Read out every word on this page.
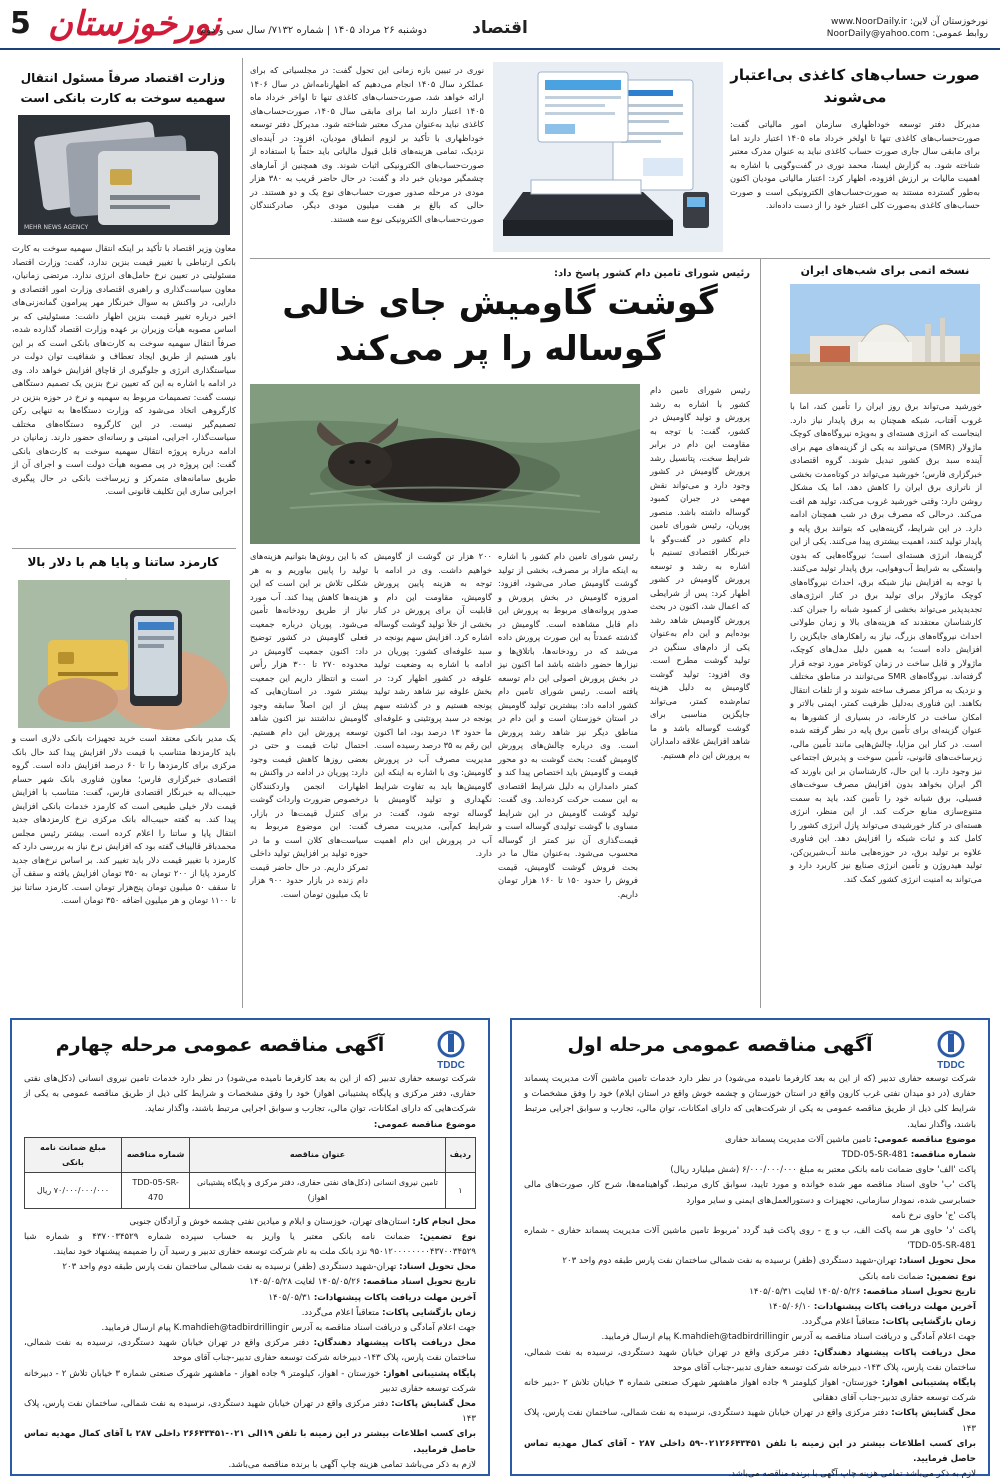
5 نورخوزستان
دوشنبه ۲۶ مرداد ۱۴۰۵ | شماره ۷۱۳۲/ سال سی و دوم	اقتصاد	نورخوزستان آن لاین: www.NoorDaily.ir
روابط عمومی: NoorDaily@yahoo.com
صورت حساب‌های کاغذی بی‌اعتبار می‌شوند
مدیرکل دفتر توسعه خوداظهاری سازمان امور مالیاتی گفت: صورت‌حساب‌های کاغذی تنها تا اولخر خرداد ماه ۱۴۰۵ اعتبار دارند اما برای مابقی سال جاری صورت حساب کاغذی نباید به عنوان مدرک معتبر شناخته شود. به گزارش ایسنا، محمد نوری در گفت‌وگویی با اشاره به اهمیت مالیات بر ارزش افزوده، اظهار کرد: اعتبار مالیاتی مودیان اکنون به‌طور گسترده مستند به صورت‌حساب‌های الکترونیکی است و صورت حساب‌های کاغذی به‌صورت کلی اعتبار خود را از دست داده‌اند.
نوری در تبیین بازه زمانی این تحول گفت: در مجلسیاتی که برای عملکرد سال ۱۴۰۵ انجام می‌دهیم که اظهارنامه‌اش در سال ۱۴۰۶ ارائه خواهد شد، صورت‌حساب‌های کاغذی تنها تا اواخر خرداد ماه ۱۴۰۵ اعتبار دارند اما برای مابقی سال ۱۴۰۵، صورت‌حساب‌های کاغذی نباید به‌عنوان مدرک معتبر شناخته شود. مدیرکل دفتر توسعه خوداظهاری با تأکید بر لزوم انطباق مودیان، افزود: در آینده‌ای نزدیک، تمامی هزینه‌های قابل قبول مالیاتی باید حتماً با استفاده از صورت‌حساب‌های الکترونیکی اثبات شوند. وی همچنین از آمارهای چشمگیر مودیان خبر داد و گفت: در حال حاضر قریب به ۳۸۰ هزار مودی در مرحله صدور صورت حساب‌های نوع یک و دو هستند. در حالی که بالغ بر هفت میلیون مودی دیگر، صادرکنندگان صورت‌حساب‌های الکترونیکی نوع سه هستند.
وزارت اقتصاد صرفاً مسئول انتقال سهمیه سوخت به کارت بانکی است
MEHR NEWS AGENCY
معاون وزیر اقتصاد با تأکید بر اینکه انتقال سهمیه سوخت به کارت بانکی ارتباطی با تغییر قیمت بنزین ندارد، گفت: وزارت اقتصاد مسئولیتی در تعیین نرخ حامل‌های انرژی ندارد. مرتضی زمانیان، معاون سیاست‌گذاری و راهبری اقتصادی وزارت امور اقتصادی و دارایی، در واکنش به سوال خبرنگار مهر پیرامون گمانه‌زنی‌های اخیر درباره تغییر قیمت بنزین اظهار داشت: مسئولیتی که بر اساس مصوبه هیأت وزیران بر عهده وزارت اقتصاد گذارده شده، صرفاً انتقال سهمیه سوخت به کارت‌های بانکی است که بر این باور هستیم از طریق ایجاد تعطاف و شفافیت توان دولت در سیاستگذاری انرژی و جلوگیری از قاچاق افزایش خواهد داد. وی در ادامه با اشاره به این که تعیین نرخ بنزین یک تصمیم دستگاهی نیست گفت: تصمیمات مربوط به سهمیه و نرخ در حوزه بنزین در کارگروهی اتخاذ می‌شود که وزارت دستگاه‌ها به تنهایی رکن تصمیم‌گیر نیست. در این کارگروه دستگاه‌های مختلف سیاست‌گذار، اجرایی، امنیتی و رسانه‌ای حضور دارند. زمانیان در ادامه درباره پروژه انتقال سهمیه سوخت به کارت‌های بانکی گفت: این پروژه در پی مصوبه هیأت دولت است و اجرای آن از طریق سامانه‌های متمرکز و زیرساخت بانکی در حال پیگیری اجرایی سازی این تکلیف قانونی است.
کارمزد ساتنا و پایا هم با دلار بالا
یک مدیر بانکی معتقد است خرید تجهیزات بانکی دلاری است و باید کارمزدها متناسب با قیمت دلار افزایش پیدا کند حال بانک مرکزی برای کارمزدها را تا ۶۰ درصد افزایش داده است. گروه اقتصادی خبرگزاری فارس؛ معاون فناوری بانک شهر حسام حبیب‌اله به خبرنگار اقتصادی فارس، گفت: متناسب با افزایش قیمت دلار خیلی طبیعی است که کارمزد خدمات بانکی افزایش پیدا کند. به گفته حبیب‌اله بانک مرکزی نرخ کارمزدهای جدید انتقال پایا و ساتنا را اعلام کرده است. بیشتر رئیس مجلس محمدباقر قالیباف گفته بود که افزایش نرخ نیاز به بررسی دارد که کارمزد با تغییر قیمت دلار باید تغییر کند. بر اساس نرخ‌های جدید کارمزد پایا از ۲۰۰ تومان به ۳۵۰ تومان افزایش یافته و سقف آن تا سقف ۵۰ میلیون تومان پنج‌هزار تومان است. کارمزد ساتنا نیز تا ۱۱۰۰ تومان و هر میلیون اضافه ۳۵۰ تومان است.
نسخه اتمی برای شب‌های ایران
خورشید می‌تواند برق روز ایران را تأمین کند، اما با غروب آفتاب، شبکه همچنان به برق پایدار نیاز دارد. اینجاست که انرژی هسته‌ای و به‌ویژه نیروگاه‌های کوچک ماژولار (SMR) می‌توانند به یکی از گزینه‌های مهم برای آینده سبد برق کشور تبدیل شوند. گروه اقتصادی خبرگزاری فارس؛ خورشید می‌تواند در کوتاه‌مدت بخشی از ناترازی برق ایران را کاهش دهد، اما یک مشکل روشن دارد: وقتی خورشید غروب می‌کند، تولید هم افت می‌کند. درحالی که مصرف برق در شب همچنان ادامه دارد. در این شرایط، گزینه‌هایی که بتوانند برق پایه و پایدار تولید کنند، اهمیت بیشتری پیدا می‌کنند. یکی از این گزینه‌ها، انرژی هسته‌ای است؛ نیروگاه‌هایی که بدون وابستگی به شرایط آب‌وهوایی، برق پایدار تولید می‌کنند. با توجه به افزایش نیاز شبکه برق، احداث نیروگاه‌های کوچک ماژولار برای تولید برق در کنار انرژی‌های تجدیدپذیر می‌تواند بخشی از کمبود شبانه را جبران کند. کارشناسان معتقدند که هزینه‌های بالا و زمان طولانی احداث نیروگاه‌های بزرگ، نیاز به راهکارهای جایگزین را افزایش داده است؛ به همین دلیل مدل‌های کوچک، ماژولار و قابل ساخت در زمان کوتاه‌تر مورد توجه قرار گرفته‌اند. نیروگاه‌های SMR می‌توانند در مناطق مختلف و نزدیک به مراکز مصرف ساخته شوند و از تلفات انتقال بکاهند. این فناوری به‌دلیل ظرفیت کمتر، ایمنی بالاتر و امکان ساخت در کارخانه، در بسیاری از کشورها به عنوان گزینه‌ای برای تأمین برق پایه در نظر گرفته شده است. در کنار این مزایا، چالش‌هایی مانند تأمین مالی، زیرساخت‌های قانونی، تأمین سوخت و پذیرش اجتماعی نیز وجود دارد. با این حال، کارشناسان بر این باورند که اگر ایران بخواهد بدون افزایش مصرف سوخت‌های فسیلی، برق شبانه خود را تأمین کند، باید به سمت متنوع‌سازی منابع حرکت کند. از این منظر، انرژی هسته‌ای در کنار خورشیدی می‌تواند پازل انرژی کشور را کامل کند و ثبات شبکه را افزایش دهد. این فناوری علاوه بر تولید برق، در حوزه‌هایی مانند آب‌شیرین‌کن، تولید هیدروژن و تأمین انرژی صنایع نیز کاربرد دارد و می‌تواند به امنیت انرژی کشور کمک کند.
رئیس شورای تامین دام کشور پاسخ داد:
گوشت گاومیش جای خالی گوساله را پر می‌کند
رئیس شورای تامین دام کشور با اشاره به رشد پرورش و تولید گاومیش در کشور، گفت: با توجه به مقاومت این دام در برابر شرایط سخت، پتانسیل رشد پرورش گاومیش در کشور وجود دارد و می‌تواند نقش مهمی در جبران کمبود گوساله داشته باشد. منصور پوریان، رئیس شورای تامین دام کشور در گفت‌وگو با خبرنگار اقتصادی تسنیم با اشاره به رشد و توسعه پرورش گاومیش در کشور اظهار کرد: پس از شرایطی که اعمال شد، اکنون در بحث پرورش گاومیش شاهد رشد بوده‌ایم و این دام به‌عنوان یکی از دام‌های سنگین در تولید گوشت مطرح است. وی افزود: تولید گوشت گاومیش به دلیل هزینه تمام‌شده کمتر، می‌تواند جایگزین مناسبی برای گوشت گوساله باشد و ما شاهد افزایش علاقه دامداران به پرورش این دام هستیم.
رئیس شورای تامین دام کشور با اشاره به اینکه مازاد بر مصرف، بخشی از تولید گوشت گاومیش صادر می‌شود، افزود: امروزه گاومیش در بخش پرورش و صدور پروانه‌های مربوط به پرورش این دام قابل مشاهده است. گاومیش در گذشته عمدتاً به این صورت پرورش داده می‌شد که در رودخانه‌ها، باتلاق‌ها و نیزارها حضور داشته باشد اما اکنون نیز در بخش پرورش اصولی این دام توسعه یافته است. رئیس شورای تامین دام کشور ادامه داد: بیشترین تولید گاومیش در استان خوزستان است و این دام در مناطق دیگر نیز شاهد رشد پرورش است. وی درباره چالش‌های پرورش گاومیش گفت: بحث گوشت به دو محور قیمت و گاومیش باید اختصاص پیدا کند و کمتر دامداران به دلیل شرایط اقتصادی به این سمت حرکت کرده‌اند. وی گفت: تولید گوشت گاومیش در این شرایط مساوی با گوشت تولیدی گوساله است و قیمت‌گذاری آن نیز کمتر از گوساله محسوب می‌شود. به‌عنوان مثال ما در بحث فروش گوشت گاومیش، قیمت فروش را حدود ۱۵۰ تا ۱۶۰ هزار تومان داریم.
۲۰۰ هزار تن گوشت از گاومیش خواهیم داشت. وی در ادامه با توجه به هزینه پایین پرورش گاومیش، مقاومت این دام و قابلیت آن برای پرورش در کنار بخشی از خلأ تولید گوشت گوساله اشاره کرد. افزایش سهم یونجه در سبد علوفه‌ای کشور: پوریان در ادامه با اشاره به وضعیت تولید علوفه در کشور اظهار کرد: در بخش علوفه نیز شاهد رشد تولید یونجه هستیم و در گذشته سهم یونجه در سبد پروتئینی و علوفه‌ای ما حدود ۱۳ درصد بود، اما اکنون این رقم به ۳۵ درصد رسیده است. مدیریت مصرف آب در پرورش گاومیش: وی با اشاره به اینکه این گاومیش‌ها باید به تفاوت شرایط نگهداری و تولید گاومیش با گوساله توجه شود، گفت: در شرایط کم‌آبی، مدیریت مصرف آب در پرورش این دام اهمیت دارد.
که با این روش‌ها بتوانیم هزینه‌های تولید را پایین بیاوریم و به هر شکلی تلاش بر این است که این هزینه‌ها کاهش پیدا کند. آب مورد نیاز از طریق رودخانه‌ها تأمین می‌شود. پوریان درباره جمعیت فعلی گاومیش در کشور توضیح داد: اکنون جمعیت گاومیش در محدوده ۲۷۰ تا ۳۰۰ هزار رأس است و انتظار داریم این جمعیت بیشتر شود. در استان‌هایی که پیش از این اصلاً سابقه وجود گاومیش نداشتند نیز اکنون شاهد توسعه پرورش این دام هستیم. احتمال ثبات قیمت و حتی در بعضی روزها کاهش قیمت وجود دارد: پوریان در ادامه در واکنش به اظهارات انجمن واردکنندگان درخصوص ضرورت واردات گوشت برای کنترل قیمت‌ها در بازار، گفت: این موضوع مربوط به سیاست‌های کلان است و ما در حوزه تولید بر افزایش تولید داخلی تمرکز داریم. در حال حاضر قیمت دام زنده در بازار حدود ۹۰۰ هزار تا یک میلیون تومان است.
TDDC
آگهی مناقصه عمومی مرحله اول
شرکت توسعه حفاری تدبیر (که از این به بعد کارفرما نامیده می‌شود) در نظر دارد خدمات تامین ماشین آلات مدیریت پسماند حفاری (در دو میدان نفتی غرب کارون واقع در استان خوزستان و چشمه خوش واقع در استان ایلام) خود را وفق مشخصات و شرایط کلی ذیل از طریق مناقصه عمومی به یکی از شرکت‌هایی که دارای امکانات، توان مالی، تجارب و سوابق اجرایی مرتبط باشند، واگذار نماید.
موضوع مناقصه عمومی: تامین ماشین آلات مدیریت پسماند حفاری
شماره مناقصه: TDD-05-SR-481
پاکت 'الف' حاوی ضمانت نامه بانکی معتبر به مبلغ ۶/۰۰۰/۰۰۰/۰۰۰ (شش میلیارد ریال)
پاکت 'ب' حاوی اسناد مناقصه مهر شده خوانده و مورد تایید، سوابق کاری مرتبط، گواهینامه‌ها، شرح کار، صورت‌های مالی حسابرسی شده، نمودار سازمانی، تجهیزات و دستورالعمل‌های ایمنی و سایر موارد
پاکت 'ج' حاوی نرخ نامه
پاکت 'د' حاوی هر سه پاکت الف، ب و ج - روی پاکت قید گردد 'مربوط تامین ماشین آلات مدیریت پسماند حفاری - شماره TDD-05-SR-481'
محل تحویل اسناد: تهران-شهید دستگردی (ظفر) نرسیده به نفت شمالی ساختمان نفت پارس طبقه دوم واحد ۲۰۳
نوع تضمین: ضمانت نامه بانکی
تاریخ تحویل اسناد مناقصه: ۱۴۰۵/۰۵/۲۶ لغایت ۱۴۰۵/۰۵/۳۱
آخرین مهلت دریافت پاکات پیشنهادات: ۱۴۰۵/۰۶/۱۰
زمان بازگشایی پاکات: متعاقباً اعلام می‌گردد.
جهت اعلام آمادگی و دریافت اسناد مناقصه به آدرس K.mahdieh@tadbirdrillingir پیام ارسال فرمایید.
محل دریافت پاکات پیشنهاد دهندگان: دفتر مرکزی واقع در تهران خیابان شهید دستگردی، نرسیده به نفت شمالی، ساختمان نفت پارس، پلاک ۱۴۳- دبیرخانه شرکت توسعه حفاری تدبیر-جناب آقای موحد
پایگاه پشتیبانی اهواز: خوزستان- اهواز کیلومتر ۹ جاده اهواز ماهشهر شهرک صنعتی شماره ۳ خیابان تلاش ۲ -دبیر خانه شرکت توسعه حفاری تدبیر-جناب آقای دهقانی
محل گشایش پاکات: دفتر مرکزی واقع در تهران خیابان شهید دستگردی، نرسیده به نفت شمالی، ساختمان نفت پارس، پلاک ۱۴۳
برای کسب اطلاعات بیشتر در این زمینه با تلفن ۰۲۱۲۶۶۴۳۴۵۱-۵۹ داخلی ۲۸۷ - آقای کمال مهدیه تماس حاصل فرمایید.
لازم به ذکر می‌باشد تمامی هزینه چاپ آگهی با برنده مناقصه می‌باشد.
TDDC
آگهی مناقصه عمومی مرحله چهارم
شرکت توسعه حفاری تدبیر (که از این به بعد کارفرما نامیده می‌شود) در نظر دارد خدمات تامین نیروی انسانی (دکل‌های نفتی حفاری، دفتر مرکزی و پایگاه پشتیبانی اهواز) خود را وفق مشخصات و شرایط کلی ذیل از طریق مناقصه عمومی به یکی از شرکت‌هایی که دارای امکانات، توان مالی، تجارب و سوابق اجرایی مرتبط باشند، واگذار نماید.
موضوع مناقصه عمومی:
ردیف	عنوان مناقصه	شماره مناقصه	مبلغ ضمانت نامه بانکی
۱	تامین نیروی انسانی (دکل‌های نفتی حفاری، دفتر مرکزی و پایگاه پشتیبانی اهواز)	TDD-05-SR-470	۷۰/۰۰۰/۰۰۰/۰۰۰ ریال
محل انجام کار: استان‌های تهران، خوزستان و ایلام و میادین نفتی چشمه خوش و آزادگان جنوبی
نوع تضمین: ضمانت نامه بانکی معتبر یا واریز به حساب سپرده شماره ۴۳۷۰۰۳۴۵۲۹ و شماره شبا ۹۵۰۱۲۰۰۰۰۰۰۰۰۴۳۷۰۰۳۴۵۲۹ نزد بانک ملت به نام شرکت توسعه حفاری تدبیر و رسید آن را ضمیمه پیشنهاد خود نمایند.
محل تحویل اسناد: تهران-شهید دستگردی (ظفر) نرسیده به نفت شمالی ساختمان نفت پارس طبقه دوم واحد ۲۰۳
تاریخ تحویل اسناد مناقصه: ۱۴۰۵/۰۵/۲۶ لغایت ۱۴۰۵/۰۵/۲۸
آخرین مهلت دریافت پاکات پیشنهادات: ۱۴۰۵/۰۵/۳۱
زمان بازگشایی پاکات: متعاقباً اعلام می‌گردد.
جهت اعلام آمادگی و دریافت اسناد مناقصه به آدرس K.mahdieh@tadbirdrillingir پیام ارسال فرمایید.
محل دریافت پاکات پیشنهاد دهندگان: دفتر مرکزی واقع در تهران خیابان شهید دستگردی، نرسیده به نفت شمالی، ساختمان نفت پارس، پلاک ۱۴۳- دبیرخانه شرکت توسعه حفاری تدبیر-جناب آقای موحد
پایگاه پشتیبانی اهواز: خوزستان - اهواز، کیلومتر ۹ جاده اهواز - ماهشهر شهرک صنعتی شماره ۳ خیابان تلاش ۲ - دبیرخانه شرکت توسعه حفاری تدبیر
محل گشایش پاکات: دفتر مرکزی واقع در تهران خیابان شهید دستگردی، نرسیده به نفت شمالی، ساختمان نفت پارس، پلاک ۱۴۳
برای کسب اطلاعات بیشتر در این زمینه با تلفن ۱۹الی ۰۲۱-۲۶۶۴۳۴۵۱ داخلی ۲۸۷ با آقای کمال مهدیه تماس حاصل فرمایید.
لازم به ذکر می‌باشد تمامی هزینه چاپ آگهی با برنده مناقصه می‌باشد.
